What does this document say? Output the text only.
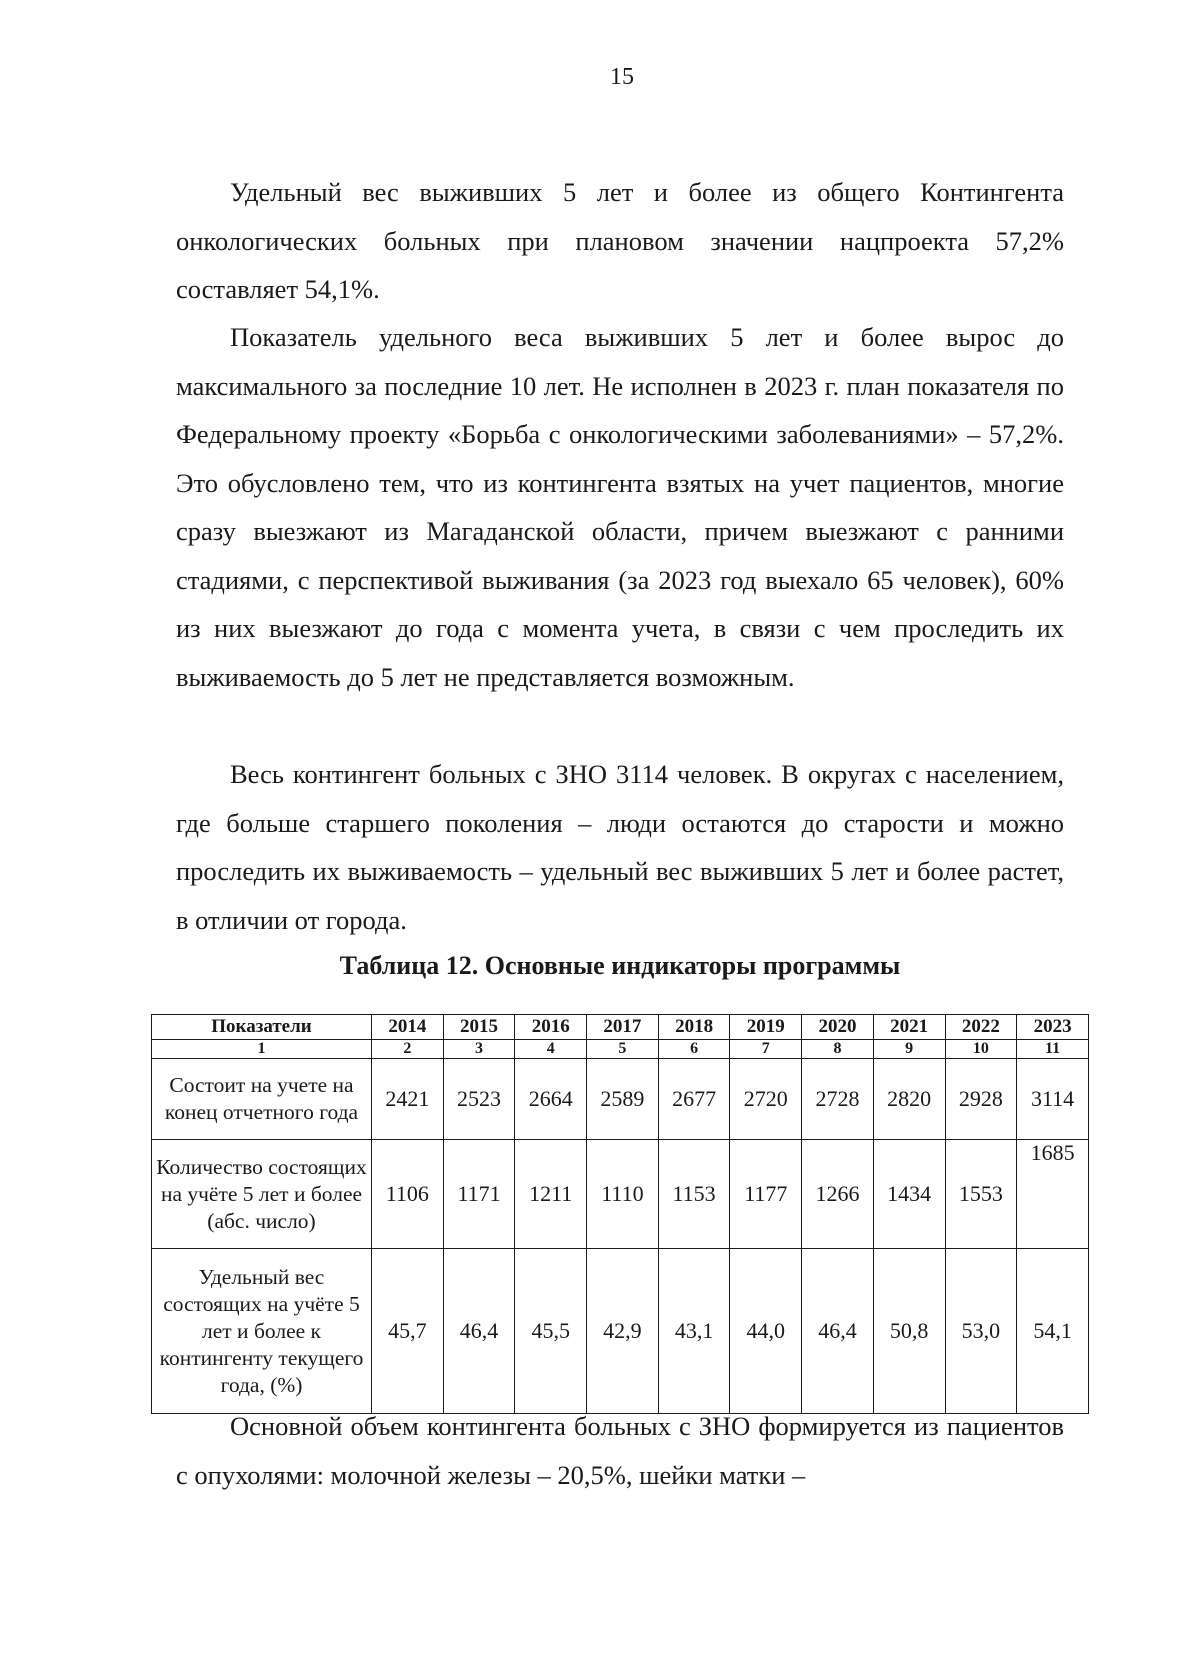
15

Удельный вес выживших 5 лет и более из общего Контингента онкологических больных при плановом значении нацпроекта 57,2% составляет 54,1%.

Показатель удельного веса выживших 5 лет и более вырос до максимального за последние 10 лет. Не исполнен в 2023 г. план показателя по Федеральному проекту «Борьба с онкологическими заболеваниями» – 57,2%. Это обусловлено тем, что из контингента взятых на учет пациентов, многие сразу выезжают из Магаданской области, причем выезжают с ранними стадиями, с перспективой выживания (за 2023 год выехало 65 человек), 60% из них выезжают до года с момента учета, в связи с чем проследить их выживаемость до 5 лет не представляется возможным.

Весь контингент больных с ЗНО 3114 человек. В округах с населением, где больше старшего поколения – люди остаются до старости и можно проследить их выживаемость – удельный вес выживших 5 лет и более растет, в отличии от города.

Таблица 12. Основные индикаторы программы
Показатели	2014	2015	2016	2017	2018	2019	2020	2021	2022	2023
1	2	3	4	5	6	7	8	9	10	11
Состоит на учете на конец отчетного года	2421	2523	2664	2589	2677	2720	2728	2820	2928	3114
Количество состоящих на учёте 5 лет и более (абс. число)	1106	1171	1211	1110	1153	1177	1266	1434	1553	1685
Удельный вес состоящих на учёте 5 лет и более к контингенту текущего года, (%)	45,7	46,4	45,5	42,9	43,1	44,0	46,4	50,8	53,0	54,1

Основной объем контингента больных с ЗНО формируется из пациентов с опухолями: молочной железы – 20,5%, шейки матки –
